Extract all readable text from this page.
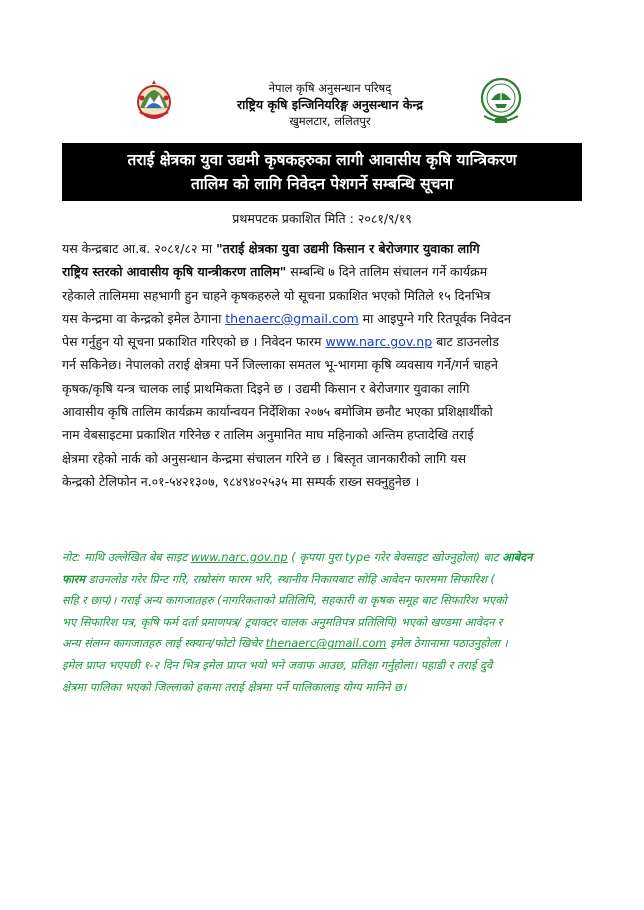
नेपाल कृषि अनुसन्धान परिषद्
राष्ट्रिय कृषि इन्जिनियरिङ्ग अनुसन्धान केन्द्र
खुमलटार, ललितपुर
तराई क्षेत्रका युवा उद्यमी कृषकहरुका लागी आवासीय कृषि यान्त्रिकरण
तालिम को लागि निवेदन पेशगर्ने सम्बन्धि सूचना
प्रथमपटक प्रकाशित मिति : २०८१/९/१९
यस केन्द्रबाट आ.ब. २०८१/८२ मा "तराई क्षेत्रका युवा उद्यमी किसान र बेरोजगार युवाका लागि
राष्ट्रिय स्तरको आवासीय कृषि यान्त्रीकरण तालिम" सम्बन्धि ७ दिने तालिम संचालन गर्ने कार्यक्रम
रहेकाले तालिममा सहभागी हुन चाहने कृषकहरुले यो सूचना प्रकाशित भएको मितिले १५ दिनभित्र
यस केन्द्रमा वा केन्द्रको इमेल ठेगाना thenaerc@gmail.com मा आइपुग्ने गरि रितपूर्वक निवेदन
पेस गर्नुहुन यो सूचना प्रकाशित गरिएको छ । निवेदन फारम www.narc.gov.np बाट डाउनलोड
गर्न सकिनेछ। नेपालको तराई क्षेत्रमा पर्ने जिल्लाका समतल भू-भागमा कृषि व्यवसाय गर्ने/गर्न चाहने
कृषक/कृषि यन्त्र चालक लाई प्राथमिकता दिइने छ । उद्यमी किसान र बेरोजगार युवाका लागि
आवासीय कृषि तालिम कार्यक्रम कार्यान्वयन निर्देशिका २०७५ बमोजिम छनौट भएका प्रशिक्षार्थीको
नाम वेबसाइटमा प्रकाशित गरिनेछ र तालिम अनुमानित माघ महिनाको अन्तिम हप्तादेखि तराई
क्षेत्रमा रहेको नार्क को अनुसन्धान केन्द्रमा संचालन गरिने छ । बिस्तृत जानकारीको लागि यस
केन्द्रको टेलिफोन न.०१-५४२१३०७, ९८४९४०२५३५ मा सम्पर्क राख्न सक्नुहुनेछ ।
नोट: माथि उल्लेखित बेब साइट www.narc.gov.np ( कृपया पुरा type गरेर बेवसाइट खोज्नुहोला) बाट आबेदन
फारम डाउनलोड गरेर प्रिन्ट गरि, राम्रोसंग फारम भरि, स्थानीय निकायबाट सोहि आवेदन फारममा सिफारिश (
सहि र छाप)। गराई अन्य कागजातहरु (नागरिकताको प्रतिलिपि, सहकारी वा कृषक समूह बाट सिफारिश भएको
भए सिफारिश पत्र, कृषि फर्म दर्ता प्रमाणपत्र/ ट्रयाक्टर चालक अनुमतिपत्र प्रतिलिपि) भएको खण्डमा आवेदन र
अन्य संलग्न कागजातहरु लाई स्क्यान/फोटो खिचेर thenaerc@gmail.com इमेल ठेगानामा पठाउनुहोला ।
इमेल प्राप्त भएपछी १-२ दिन भित्र इमेल प्राप्त भयो भने जवाफ आउछ, प्रतिक्षा गर्नुहोला। पहाडी र तराई दुवै
क्षेत्रमा पालिका भएको जिल्लाको हकमा तराई क्षेत्रमा पर्ने पालिकालाइ योग्य मानिने छ।
